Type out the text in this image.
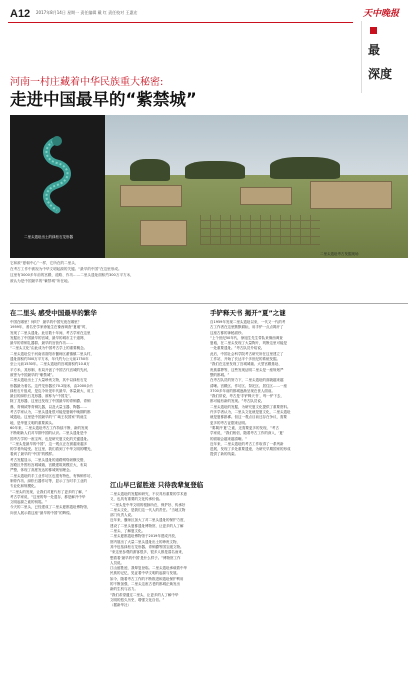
A12 2017年8月14日 星期一 责任编辑 戴 红 责任校对 王惠宏	天中晚报
最
深度
河南一村庄藏着中华民族重大秘密:
走进中国最早的“紫禁城”
二里头遗址出土的绿松石龙形器
二里头遗址考古发掘现场
它和被“夏朝中心”一样，它所在的二里头，
在考古工作中被视为中华文明起源的关键。“最早的中国”在这里形成。
这里有3000多年前的宫殿、道路、作坊……二里头遗址面积约300万平方米，
被认为是中国最早的“紫禁城”所在地。
在二里头 感受中国最早的繁华
中国在哪里？何时？ 最早的中国究竟在哪里？
1959年，著名史学家徐旭生在豫西调查“夏墟”时，
发现了二里头遗址。此后数十年间，考古学家在这里
发掘出了中国最早的宫城、最早的城市主干道网、
最早的青铜礼器群、最早的官营作坊……
“二里头文化”由此成为中国考古学上的重要概念。
二里头遗址位于河南省洛阳市偃师区翟镇镇二里头村，
遗址面积约300万平方米，年代约为公元前1750年
至公元前1530年。二里头遗址的宫城面积约10.8万
平方米，其形制、布局开创了中国古代宫城的先河，
被誉为中国最早的“紫禁城”。
二里头遗址出土了大量珍贵文物，其中以绿松石龙
形器最为著名。这件龙形器长70.2厘米，由2000余片
绿松石片组成，是迄今所见年代最早、体量最大、用工
最巨的绿松石龙形器，被称为“中国龙”。
除了龙形器，这里还发现了中国最早的青铜爵、青铜
鼎、青铜钺等青铜礼器，以及大量玉器、陶器……
考古学家认为，二里头遗址很可能是夏朝中晚期的都
城遗址。这里是中国最早的“广域王权国家”的诞生
地，是华夏文明的重要源头。
60年来，二里头遗址考古工作持续不断，新的发现
不断刷新人们对早期中国的认识。二里头遗址是中
国考古学的一座宝库，也是研究夏文化的关键遗址。
“二里头是最早的中国”，这一观点正在被越来越多
的学者所接受。在这里，我们看到了中华文明的曙光，
看到了最早的“中国”的模样。
考古发掘显示，二里头遗址的道路网络纵横交错，
宫殿区外围有宫城城墙，宫殿建筑规模宏大，布局
严整，体现了高度发达的都城规划理念。
二里头遗址的手工业作坊区也很有特色，有铸铜作坊、
制骨作坊、绿松石器作坊等，显示了当时手工业的
专业化和规模化。
“二里头的发现，让我们对夏代有了更多的了解，”
考古学家说，“这里的每一处遗存，都是解开中华
文明起源之谜的钥匙。”
今天的二里头，已经建成了二里头夏都遗址博物馆，
向世人展示着这座“最早的中国”的辉煌。
手铲释天书 揭开“夏”之谜
自1959年发现二里头遗址以来，一代又一代的考
古工作者在这里默默耕耘，用手铲一点点揭开了
这座古都的神秘面纱。
“上个世纪50年代，徐旭生先生带队来豫西调查
夏墟，在二里头发现了大量陶片，判断这里可能是
一处重要遗址。”考古队员介绍说。
此后，中国社会科学院考古研究所在这里建立了
工作站，开始了长达半个多世纪的系统发掘。
“我们在这里发现了宫城城墙、大型宫殿基址、
贵族墓葬等，这些发现证明二里头是一座规划严
整的都城。”
在考古队员的努力下，二里头遗址的面貌越来越
清晰。宫殿区、作坊区、祭祀区、居住区……一座
3700多年前的都城逐渐呈现在世人面前。
“我们常说，考古是‘手铲释天书’，每一铲下去，
都可能有新的发现。”考古队员说。
二里头遗址的发掘，为研究夏文化提供了重要资料。
许多学者认为，二里头文化就是夏文化，二里头遗址
就是夏都斟鄩。但这一观点目前还存在争议，需要
更多的考古证据来证明。
“要揭开‘夏’之谜，还需要更多的发现，”考古
学家说，“我们相信，随着考古工作的深入，‘夏’
的面貌会越来越清晰。”
近年来，二里头遗址的考古工作取得了一系列新
进展，发现了多处重要遗迹，为研究早期国家的形成
提供了新的线索。
江山早已留胜迹 只待我辈复登临
二里头遗址的发掘和研究，不仅具有重要的学术意
义，也具有重要的文化传承价值。
“二里头是中华文明的根脉所在，保护好、传承好
二里头文化，是我们这一代人的责任。”当地文物
部门负责人说。
近年来，偃师区加大了对二里头遗址的保护力度，
建设了二里头夏都遗址博物馆，让更多的人了解
二里头、了解夏文化。
二里头夏都遗址博物馆于2019年建成开放，
馆内展出了大量二里头遗址出土的珍贵文物，
其中包括绿松石龙形器、青铜爵等国宝级文物。
“来这里参观的游客很多，很多人都是慕名而来，
想看看‘最早的中国’是什么样子。”博物馆工作
人员说。
江山留胜迹，我辈复登临。二里头遗址承载着中华
民族的记忆，见证着中华文明的起源与发展。
如今，随着考古工作的不断推进和遗址保护利用
的不断加强，二里头这座古老的都城正焕发出
新的生机与活力。
“我们希望通过二里头，让更多的人了解中华
文明的悠久历史，增强文化自信。”
（据新华社）
